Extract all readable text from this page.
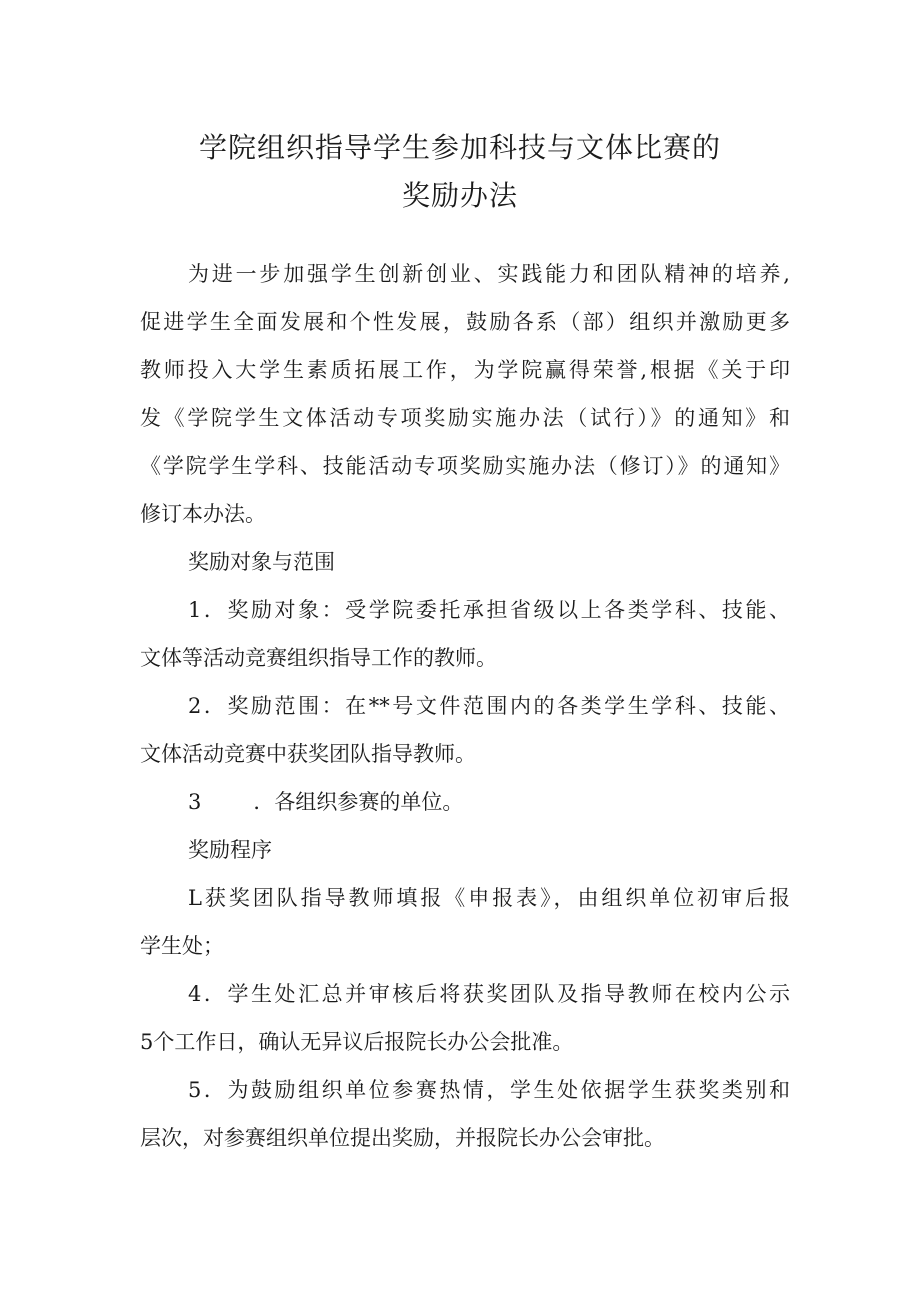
学院组织指导学生参加科技与文体比赛的
奖励办法
为进一步加强学生创新创业、实践能力和团队精神的培养,
促进学生全面发展和个性发展，鼓励各系（部）组织并激励更多
教师投入大学生素质拓展工作，为学院赢得荣誉,根据《关于印
发《学院学生文体活动专项奖励实施办法（试行）》的通知》和
《学院学生学科、技能活动专项奖励实施办法（修订）》的通知》
修订本办法。
奖励对象与范围
1．奖励对象：受学院委托承担省级以上各类学科、技能、
文体等活动竞赛组织指导工作的教师。
2．奖励范围：在**号文件范围内的各类学生学科、技能、
文体活动竞赛中获奖团队指导教师。
3 ．各组织参赛的单位。
奖励程序
L获奖团队指导教师填报《申报表》，由组织单位初审后报
学生处；
4．学生处汇总并审核后将获奖团队及指导教师在校内公示
5个工作日，确认无异议后报院长办公会批准。
5．为鼓励组织单位参赛热情，学生处依据学生获奖类别和
层次，对参赛组织单位提出奖励，并报院长办公会审批。
